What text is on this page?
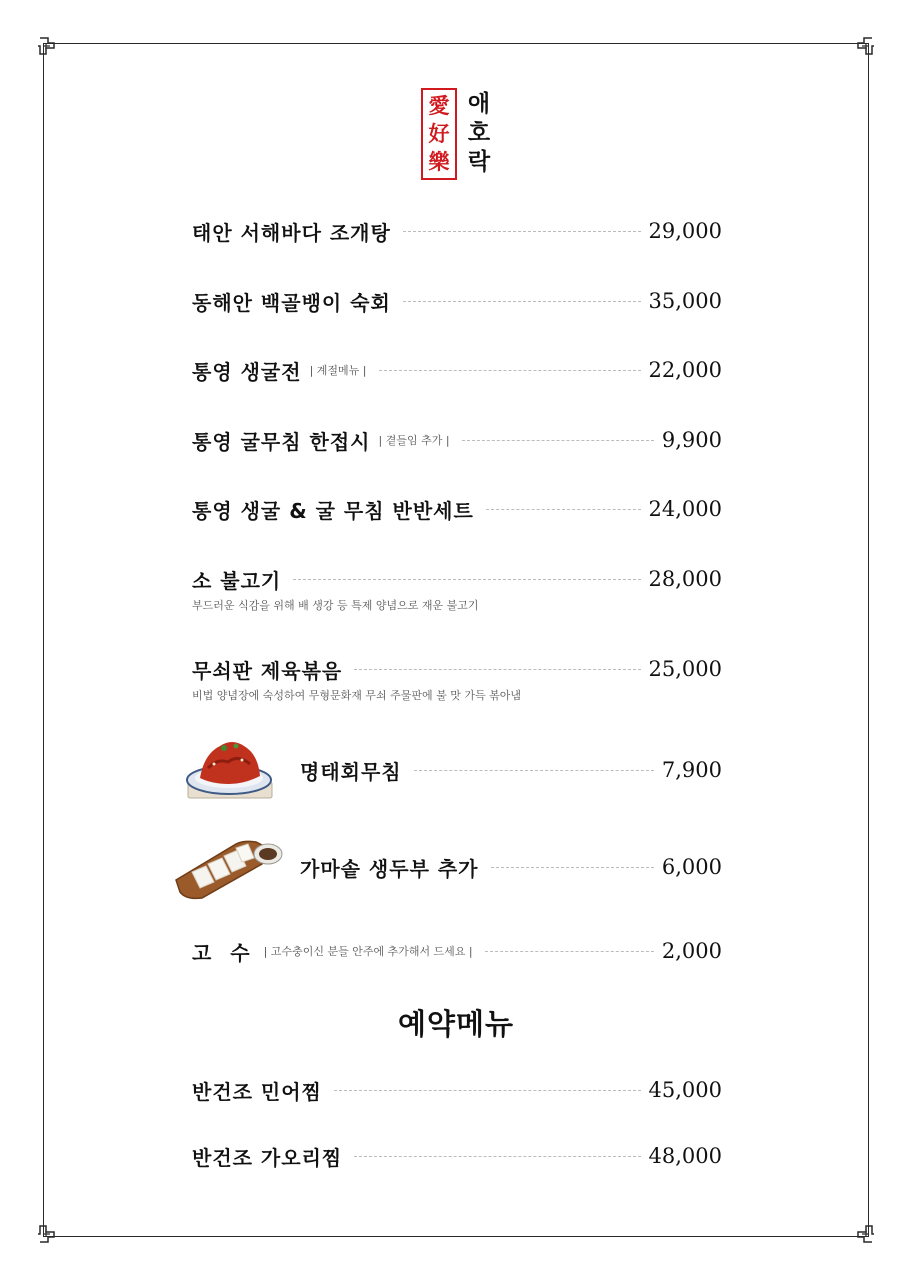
愛
好
樂
애
호
락
태안 서해바다 조개탕	29,000
동해안 백골뱅이 숙회	35,000
통영 생굴전 | 계절메뉴 |	22,000
통영 굴무침 한접시 | 곁들임 추가 |	9,900
통영 생굴 & 굴 무침 반반세트	24,000
소 불고기	28,000
부드러운 식감을 위해 배 생강 등 특제 양념으로 재운 불고기
무쇠판 제육볶음	25,000
비법 양념장에 숙성하여 무형문화재 무쇠 주물판에 불 맛 가득 볶아냄
명태회무침	7,900
가마솥 생두부 추가	6,000
고 수 | 고수충이신 분들 안주에 추가해서 드세요 |	2,000
예약메뉴
반건조 민어찜	45,000
반건조 가오리찜	48,000
